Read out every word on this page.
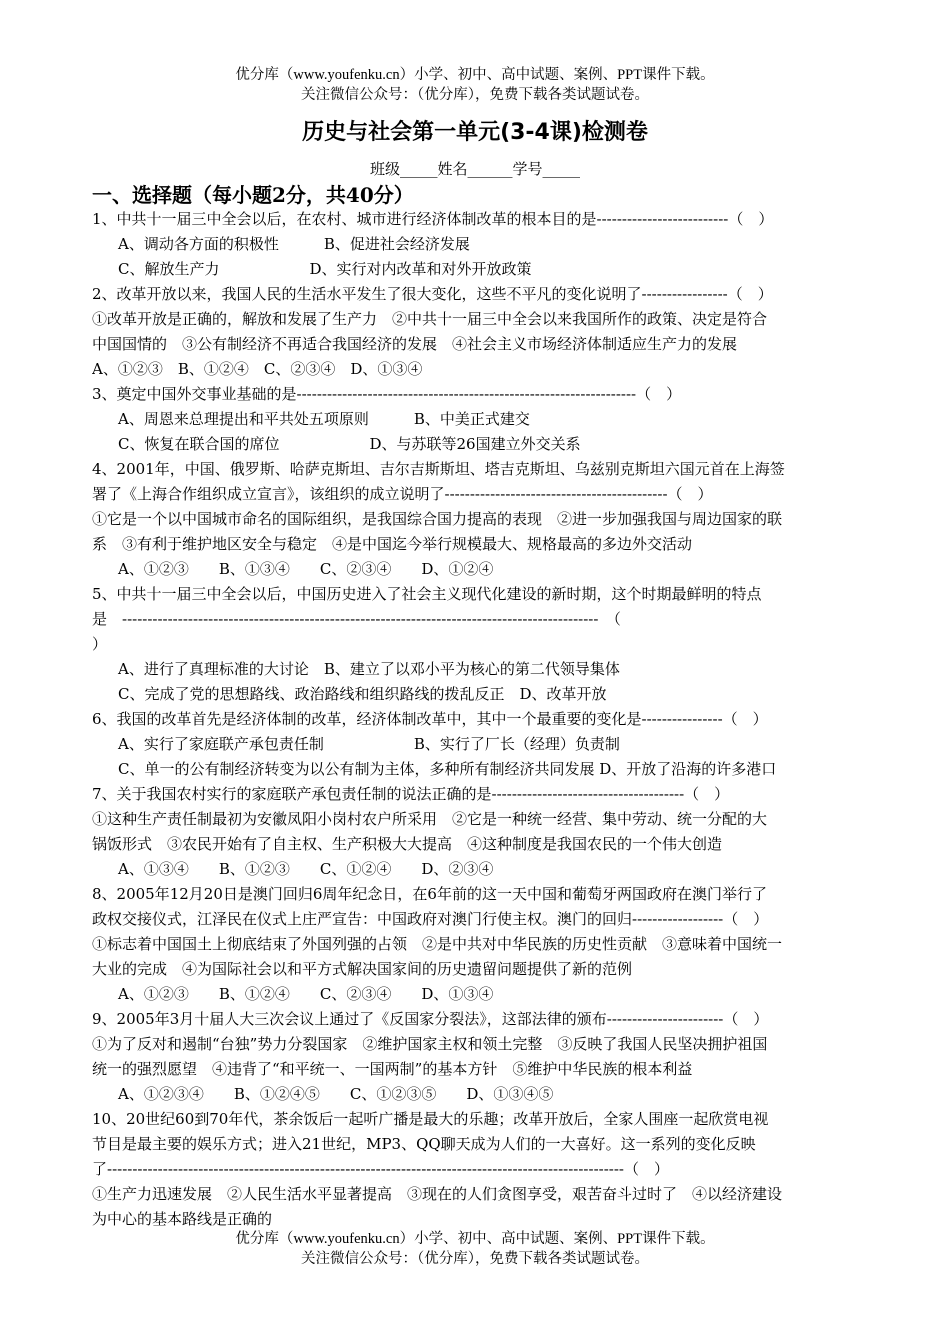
优分库（www.youfenku.cn）小学、初中、高中试题、案例、PPT课件下载。
关注微信公众号：（优分库），免费下载各类试题试卷。
历史与社会第一单元(3-4课)检测卷
班级_____姓名______学号_____
一、选择题（每小题2分，共40分）
1、中共十一届三中全会以后，在农村、城市进行经济体制改革的根本目的是--------------------------（　）
A、调动各方面的积极性　　　B、促进社会经济发展
C、解放生产力　　　　　　D、实行对内改革和对外开放政策
2、改革开放以来，我国人民的生活水平发生了很大变化，这些不平凡的变化说明了-----------------（　）
①改革开放是正确的，解放和发展了生产力　②中共十一届三中全会以来我国所作的政策、决定是符合
中国国情的　③公有制经济不再适合我国经济的发展　④社会主义市场经济体制适应生产力的发展
A、①②③　B、①②④　C、②③④　D、①③④
3、奠定中国外交事业基础的是-------------------------------------------------------------------（　）
A、周恩来总理提出和平共处五项原则　　　B、中美正式建交
C、恢复在联合国的席位　　　　　　D、与苏联等26国建立外交关系
4、2001年，中国、俄罗斯、哈萨克斯坦、吉尔吉斯斯坦、塔吉克斯坦、乌兹别克斯坦六国元首在上海签
署了《上海合作组织成立宣言》，该组织的成立说明了--------------------------------------------（　）
①它是一个以中国城市命名的国际组织，是我国综合国力提高的表现　②进一步加强我国与周边国家的联
系　③有利于维护地区安全与稳定　④是中国迄今举行规模最大、规格最高的多边外交活动
A、①②③　　B、①③④　　C、②③④　　D、①②④
5、中共十一届三中全会以后，中国历史进入了社会主义现代化建设的新时期，这个时期最鲜明的特点
是　----------------------------------------------------------------------------------------------　（
）
A、进行了真理标准的大讨论　B、建立了以邓小平为核心的第二代领导集体
C、完成了党的思想路线、政治路线和组织路线的拨乱反正　D、改革开放
6、我国的改革首先是经济体制的改革，经济体制改革中，其中一个最重要的变化是----------------（　）
A、实行了家庭联产承包责任制　　　　　　B、实行了厂长（经理）负责制
C、单一的公有制经济转变为以公有制为主体，多种所有制经济共同发展 D、开放了沿海的许多港口
7、关于我国农村实行的家庭联产承包责任制的说法正确的是--------------------------------------（　）
①这种生产责任制最初为安徽凤阳小岗村农户所采用　②它是一种统一经营、集中劳动、统一分配的大
锅饭形式　③农民开始有了自主权、生产积极大大提高　④这种制度是我国农民的一个伟大创造
A、①③④　　B、①②③　　C、①②④　　D、②③④
8、2005年12月20日是澳门回归6周年纪念日，在6年前的这一天中国和葡萄牙两国政府在澳门举行了
政权交接仪式，江泽民在仪式上庄严宣告：中国政府对澳门行使主权。澳门的回归------------------（　）
①标志着中国国土上彻底结束了外国列强的占领　②是中共对中华民族的历史性贡献　③意味着中国统一
大业的完成　④为国际社会以和平方式解决国家间的历史遗留问题提供了新的范例
A、①②③　　B、①②④　　C、②③④　　D、①③④
9、2005年3月十届人大三次会议上通过了《反国家分裂法》，这部法律的颁布-----------------------（　）
①为了反对和遏制“台独”势力分裂国家　②维护国家主权和领土完整　③反映了我国人民坚决拥护祖国
统一的强烈愿望　④违背了“和平统一、一国两制”的基本方针　⑤维护中华民族的根本利益
A、①②③④　　B、①②④⑤　　C、①②③⑤　　D、①③④⑤
10、20世纪60到70年代，茶余饭后一起听广播是最大的乐趣；改革开放后，全家人围座一起欣赏电视
节目是最主要的娱乐方式；进入21世纪，MP3、QQ聊天成为人们的一大喜好。这一系列的变化反映
了------------------------------------------------------------------------------------------------------（　）
①生产力迅速发展　②人民生活水平显著提高　③现在的人们贪图享受，艰苦奋斗过时了　④以经济建设
为中心的基本路线是正确的
优分库（www.youfenku.cn）小学、初中、高中试题、案例、PPT课件下载。
关注微信公众号：（优分库），免费下载各类试题试卷。
